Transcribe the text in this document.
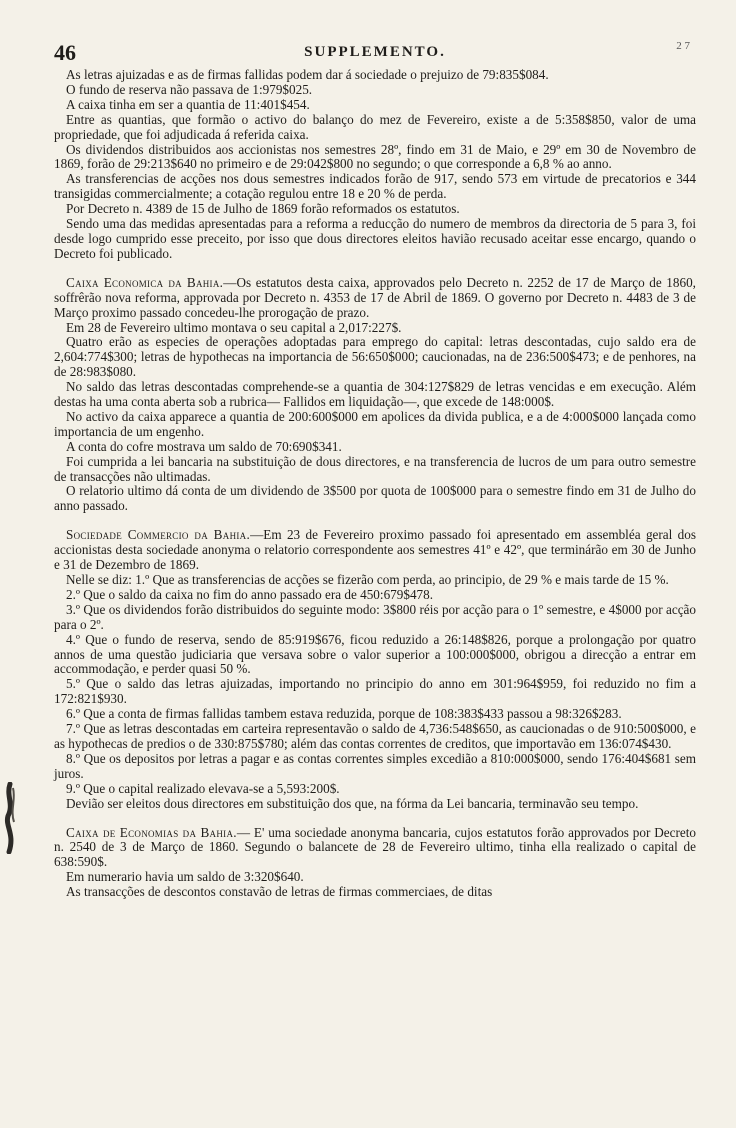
46	SUPPLEMENTO.	2 7

As letras ajuizadas e as de firmas fallidas podem dar á sociedade o prejuizo de 79:835$084.

O fundo de reserva não passava de 1:979$025.

A caixa tinha em ser a quantia de 11:401$454.

Entre as quantias, que formão o activo do balanço do mez de Fevereiro, existe a de 5:358$850, valor de uma propriedade, que foi adjudicada á referida caixa.

Os dividendos distribuidos aos accionistas nos semestres 28º, findo em 31 de Maio, e 29º em 30 de Novembro de 1869, forão de 29:213$640 no primeiro e de 29:042$800 no segundo; o que corresponde a 6,8 % ao anno.

As transferencias de acções nos dous semestres indicados forão de 917, sendo 573 em virtude de precatorios e 344 transigidas commercialmente; a cotação regulou entre 18 e 20 % de perda.

Por Decreto n. 4389 de 15 de Julho de 1869 forão reformados os estatutos.

Sendo uma das medidas apresentadas para a reforma a reducção do numero de membros da directoria de 5 para 3, foi desde logo cumprido esse preceito, por isso que dous directores eleitos havião recusado aceitar esse encargo, quando o Decreto foi publicado.

Caixa Economica da Bahia.—Os estatutos desta caixa, approvados pelo Decreto n. 2252 de 17 de Março de 1860, soffrêrão nova reforma, approvada por Decreto n. 4353 de 17 de Abril de 1869. O governo por Decreto n. 4483 de 3 de Março proximo passado concedeu-lhe prorogação de prazo.

Em 28 de Fevereiro ultimo montava o seu capital a 2,017:227$.

Quatro erão as especies de operações adoptadas para emprego do capital: letras descontadas, cujo saldo era de 2,604:774$300; letras de hypothecas na importancia de 56:650$000; caucionadas, na de 236:500$473; e de penhores, na de 28:983$080.

No saldo das letras descontadas comprehende-se a quantia de 304:127$829 de letras vencidas e em execução. Além destas ha uma conta aberta sob a rubrica— Fallidos em liquidação—, que excede de 148:000$.

No activo da caixa apparece a quantia de 200:600$000 em apolices da divida publica, e a de 4:000$000 lançada como importancia de um engenho.

A conta do cofre mostrava um saldo de 70:690$341.

Foi cumprida a lei bancaria na substituição de dous directores, e na transferencia de lucros de um para outro semestre de transacções não ultimadas.

O relatorio ultimo dá conta de um dividendo de 3$500 por quota de 100$000 para o semestre findo em 31 de Julho do anno passado.

Sociedade Commercio da Bahia.—Em 23 de Fevereiro proximo passado foi apresentado em assembléa geral dos accionistas desta sociedade anonyma o relatorio correspondente aos semestres 41º e 42º, que terminárão em 30 de Junho e 31 de Dezembro de 1869.

Nelle se diz: 1.º Que as transferencias de acções se fizerão com perda, ao principio, de 29 % e mais tarde de 15 %.

2.º Que o saldo da caixa no fim do anno passado era de 450:679$478.

3.º Que os dividendos forão distribuidos do seguinte modo: 3$800 réis por acção para o 1º semestre, e 4$000 por acção para o 2º.

4.º Que o fundo de reserva, sendo de 85:919$676, ficou reduzido a 26:148$826, porque a prolongação por quatro annos de uma questão judiciaria que versava sobre o valor superior a 100:000$000, obrigou a direcção a entrar em accommodação, e perder quasi 50 %.

5.º Que o saldo das letras ajuizadas, importando no principio do anno em 301:964$959, foi reduzido no fim a 172:821$930.

6.º Que a conta de firmas fallidas tambem estava reduzida, porque de 108:383$433 passou a 98:326$283.

7.º Que as letras descontadas em carteira representavão o saldo de 4,736:548$650, as caucionadas o de 910:500$000, e as hypothecas de predios o de 330:875$780; além das contas correntes de creditos, que importavão em 136:074$430.

8.º Que os depositos por letras a pagar e as contas correntes simples excedião a 810:000$000, sendo 176:404$681 sem juros.

9.º Que o capital realizado elevava-se a 5,593:200$.

Devião ser eleitos dous directores em substituição dos que, na fórma da Lei bancaria, terminavão seu tempo.

Caixa de Economias da Bahia.— E' uma sociedade anonyma bancaria, cujos estatutos forão approvados por Decreto n. 2540 de 3 de Março de 1860. Segundo o balancete de 28 de Fevereiro ultimo, tinha ella realizado o capital de 638:590$.

Em numerario havia um saldo de 3:320$640.

As transacções de descontos constavão de letras de firmas commerciaes, de ditas
